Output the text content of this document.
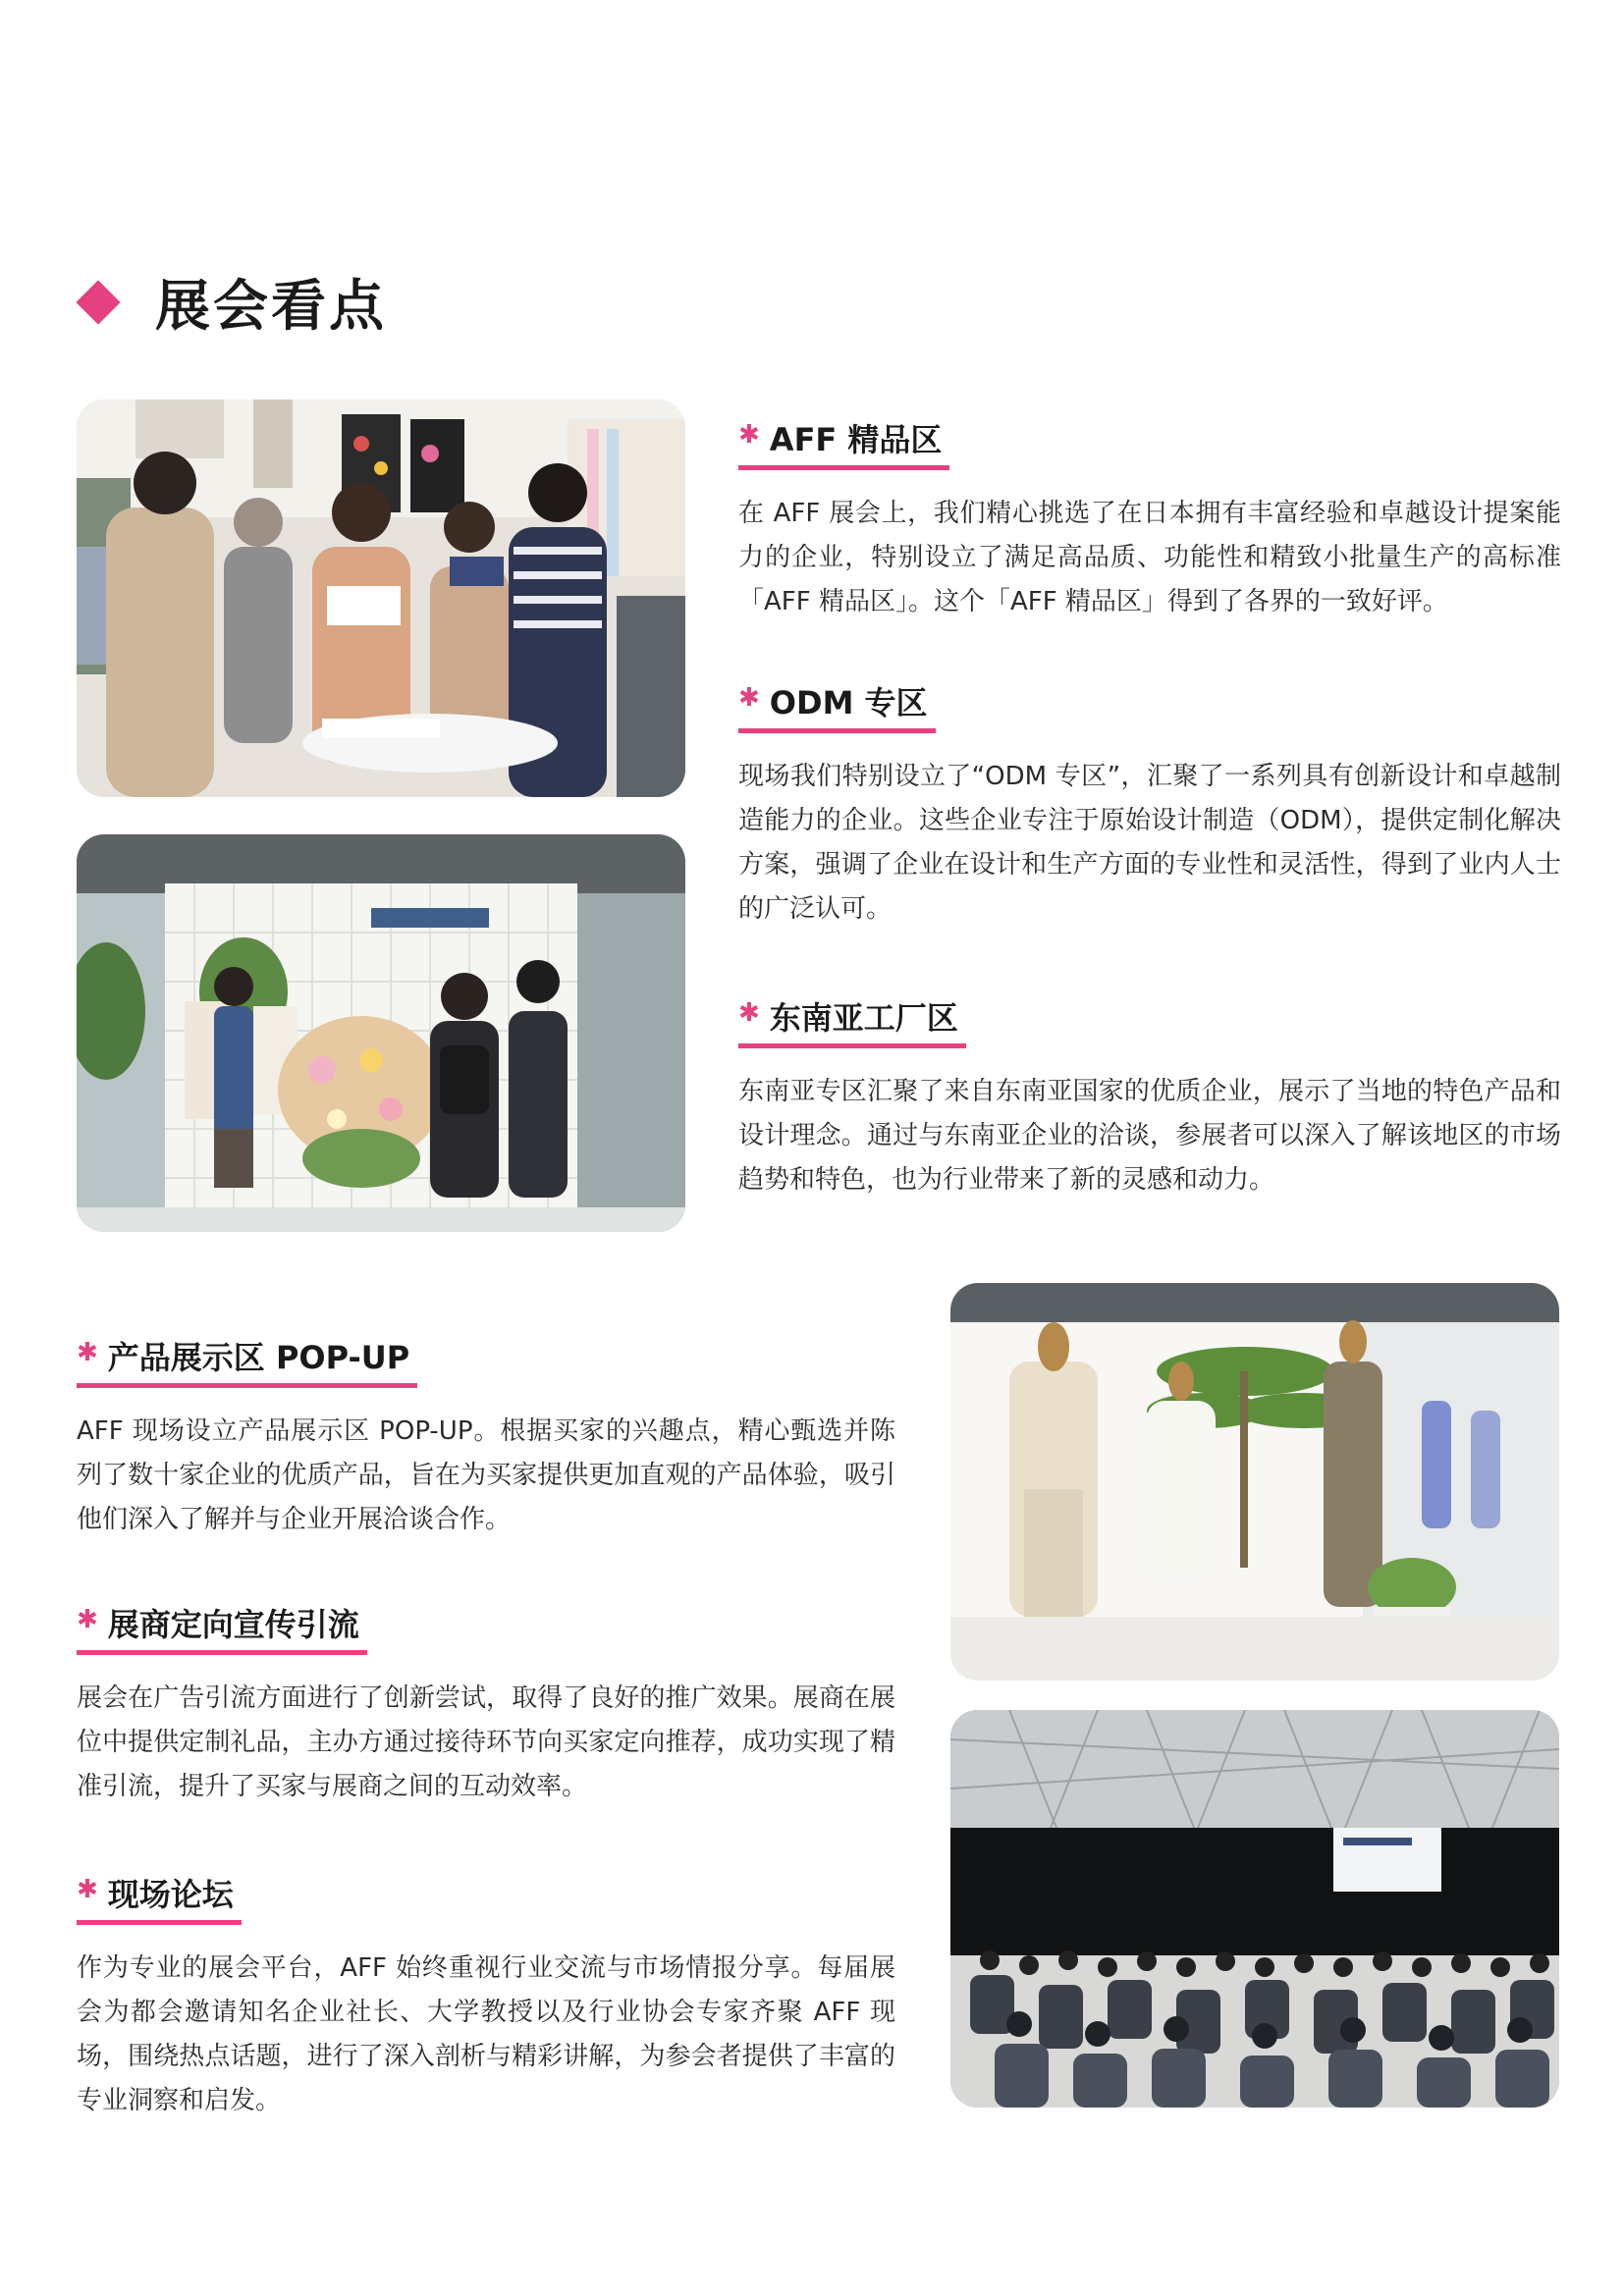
展会看点
✱ AFF 精品区
在 AFF 展会上，我们精心挑选了在日本拥有丰富经验和卓越设计提案能力的企业，特别设立了满足高品质、功能性和精致小批量生产的高标准「AFF 精品区」。这个「AFF 精品区」得到了各界的一致好评。
✱ ODM 专区
现场我们特别设立了“ODM 专区”，汇聚了一系列具有创新设计和卓越制造能力的企业。这些企业专注于原始设计制造（ODM），提供定制化解决方案，强调了企业在设计和生产方面的专业性和灵活性，得到了业内人士的广泛认可。
✱ 东南亚工厂区
东南亚专区汇聚了来自东南亚国家的优质企业，展示了当地的特色产品和设计理念。通过与东南亚企业的洽谈，参展者可以深入了解该地区的市场趋势和特色，也为行业带来了新的灵感和动力。
✱ 产品展示区 POP-UP
AFF 现场设立产品展示区 POP-UP。根据买家的兴趣点，精心甄选并陈列了数十家企业的优质产品，旨在为买家提供更加直观的产品体验，吸引他们深入了解并与企业开展洽谈合作。
✱ 展商定向宣传引流
展会在广告引流方面进行了创新尝试，取得了良好的推广效果。展商在展位中提供定制礼品，主办方通过接待环节向买家定向推荐，成功实现了精准引流，提升了买家与展商之间的互动效率。
✱ 现场论坛
作为专业的展会平台，AFF 始终重视行业交流与市场情报分享。每届展会为都会邀请知名企业社长、大学教授以及行业协会专家齐聚 AFF 现场，围绕热点话题，进行了深入剖析与精彩讲解，为参会者提供了丰富的专业洞察和启发。
